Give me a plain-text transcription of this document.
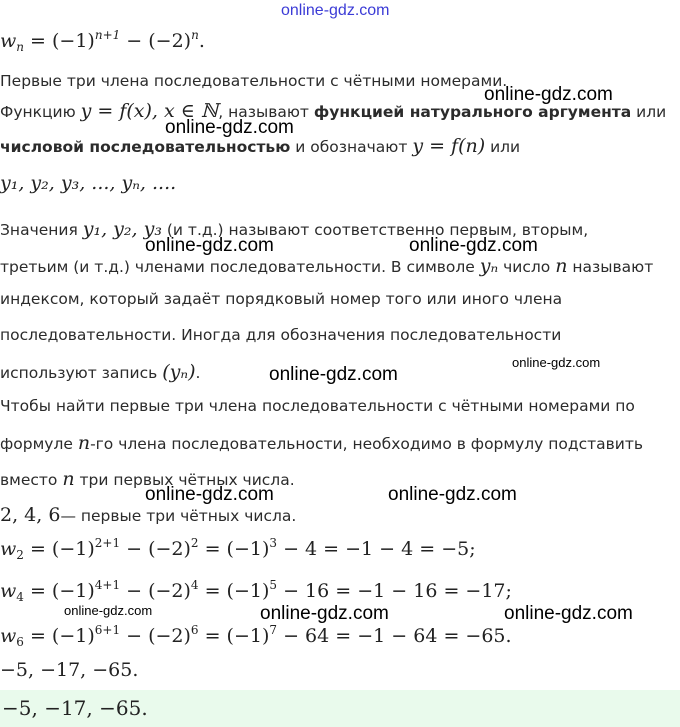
online-gdz.com
$w_n = (-1)^{n+1} - (-2)^n$.
Первые три члена последовательности с чётными номерами.
online-gdz.com
Функцию y = f(x), x ∈ ℕ, называют функцией натурального аргумента или
online-gdz.com
числовой последовательностью и обозначают y = f(n) или
y₁, y₂, y₃, ..., yₙ, ....
Значения y₁, y₂, y₃ (и т.д.) называют соответственно первым, вторым,
online-gdz.com	online-gdz.com
третьим (и т.д.) членами последовательности. В символе yₙ число n называют
индексом, который задаёт порядковый номер того или иного члена
последовательности. Иногда для обозначения последовательности
online-gdz.com
используют запись (yₙ).	online-gdz.com
Чтобы найти первые три члена последовательности с чётными номерами по
формуле n-го члена последовательности, необходимо в формулу подставить
вместо n три первых чётных числа.
online-gdz.com	online-gdz.com
2, 4, 6— первые три чётных числа.
$w_2 = (-1)^{2+1} - (-2)^2 = (-1)^3 - 4 = -1 - 4 = -5$;
$w_4 = (-1)^{4+1} - (-2)^4 = (-1)^5 - 16 = -1 - 16 = -17$;
online-gdz.com	online-gdz.com	online-gdz.com
$w_6 = (-1)^{6+1} - (-2)^6 = (-1)^7 - 64 = -1 - 64 = -65$.
−5, −17, −65.
−5, −17, −65.
